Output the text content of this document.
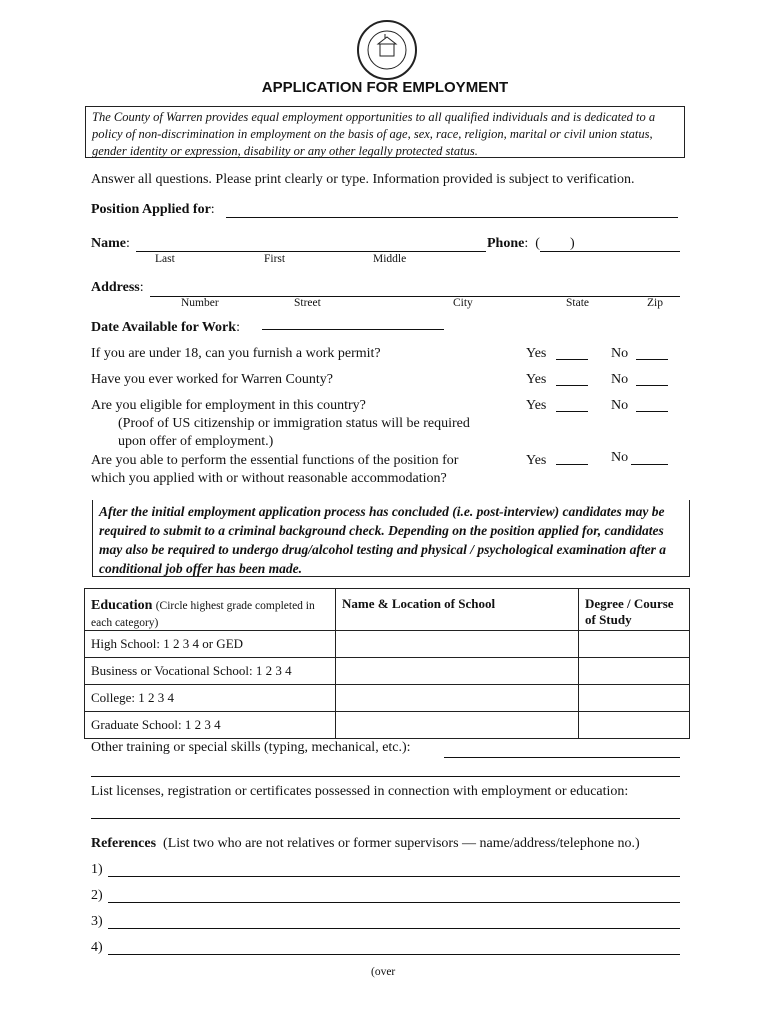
APPLICATION FOR EMPLOYMENT
The County of Warren provides equal employment opportunities to all qualified individuals and is dedicated to a policy of non-discrimination in employment on the basis of age, sex, race, religion, marital or civil union status, gender identity or expression, disability or any other legally protected status.
Answer all questions. Please print clearly or type. Information provided is subject to verification.
Position Applied for:
Name:	Phone: ( )
Last	First	Middle
Address:
Number	Street	City	State	Zip
Date Available for Work:
If you are under 18, can you furnish a work permit?	Yes	No
Have you ever worked for Warren County?	Yes	No
Are you eligible for employment in this country?
(Proof of US citizenship or immigration status will be required
upon offer of employment.)
Yes	No
Are you able to perform the essential functions of the position for
which you applied with or without reasonable accommodation?
Yes	No
After the initial employment application process has concluded (i.e. post-interview) candidates may be required to submit to a criminal background check. Depending on the position applied for, candidates may also be required to undergo drug/alcohol testing and physical / psychological examination after a conditional job offer has been made.
Education (Circle highest grade completed in each category)	Name & Location of School	Degree / Course of Study
High School: 1 2 3 4 or GED		
Business or Vocational School: 1 2 3 4		
College: 1 2 3 4		
Graduate School: 1 2 3 4		
Other training or special skills (typing, mechanical, etc.):
List licenses, registration or certificates possessed in connection with employment or education:
References (List two who are not relatives or former supervisors — name/address/telephone no.)
1)
2)
3)
4)
(over
